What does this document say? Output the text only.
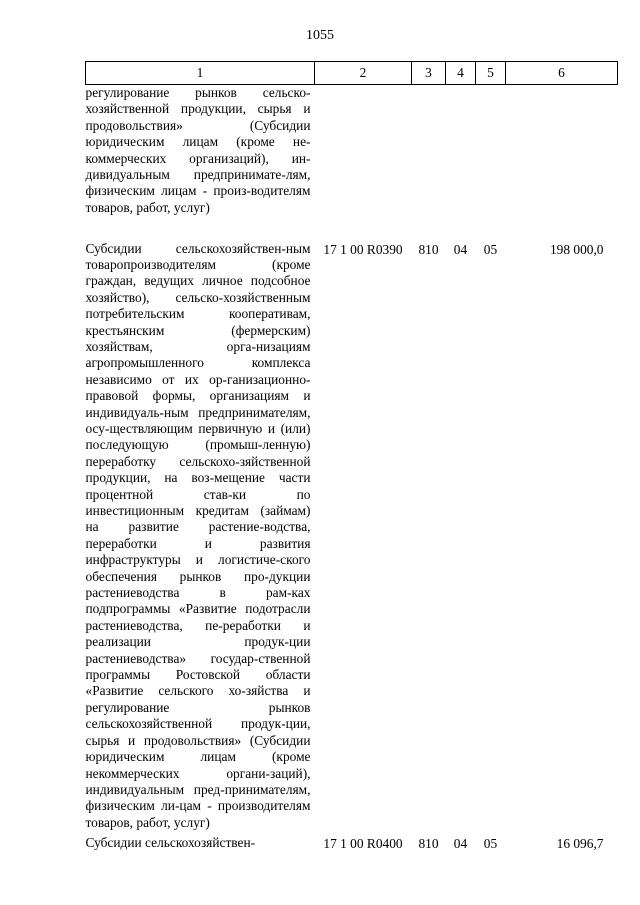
1055
1	2	3	4	5	6
регулирование рынков сельско-хозяйственной продукции, сырья и продовольствия» (Субсидии юридическим лицам (кроме не-коммерческих организаций), ин-дивидуальным предпринимате-лям, физическим лицам - произ-водителям товаров, работ, услуг)					
Субсидии сельскохозяйствен-ным товаропроизводителям (кроме граждан, ведущих личное подсобное хозяйство), сельско-хозяйственным потребительским кооперативам, крестьянским (фермерским) хозяйствам, орга-низациям агропромышленного комплекса независимо от их ор-ганизационно-правовой формы, организациям и индивидуаль-ным предпринимателям, осу-ществляющим первичную и (или) последующую (промыш-ленную) переработку сельскохо-зяйственной продукции, на воз-мещение части процентной став-ки по инвестиционным кредитам (займам) на развитие растение-водства, переработки и развития инфраструктуры и логистиче-ского обеспечения рынков про-дукции растениеводства в рам-ках подпрограммы «Развитие подотрасли растениеводства, пе-реработки и реализации продук-ции растениеводства» государ-ственной программы Ростовской области «Развитие сельского хо-зяйства и регулирование рынков сельскохозяйственной продук-ции, сырья и продовольствия» (Субсидии юридическим лицам (кроме некоммерческих органи-заций), индивидуальным пред-принимателям, физическим ли-цам - производителям товаров, работ, услуг)	17 1 00 R0390	810	04	05	198 000,0
Субсидии сельскохозяйствен-	17 1 00 R0400	810	04	05	16 096,7
